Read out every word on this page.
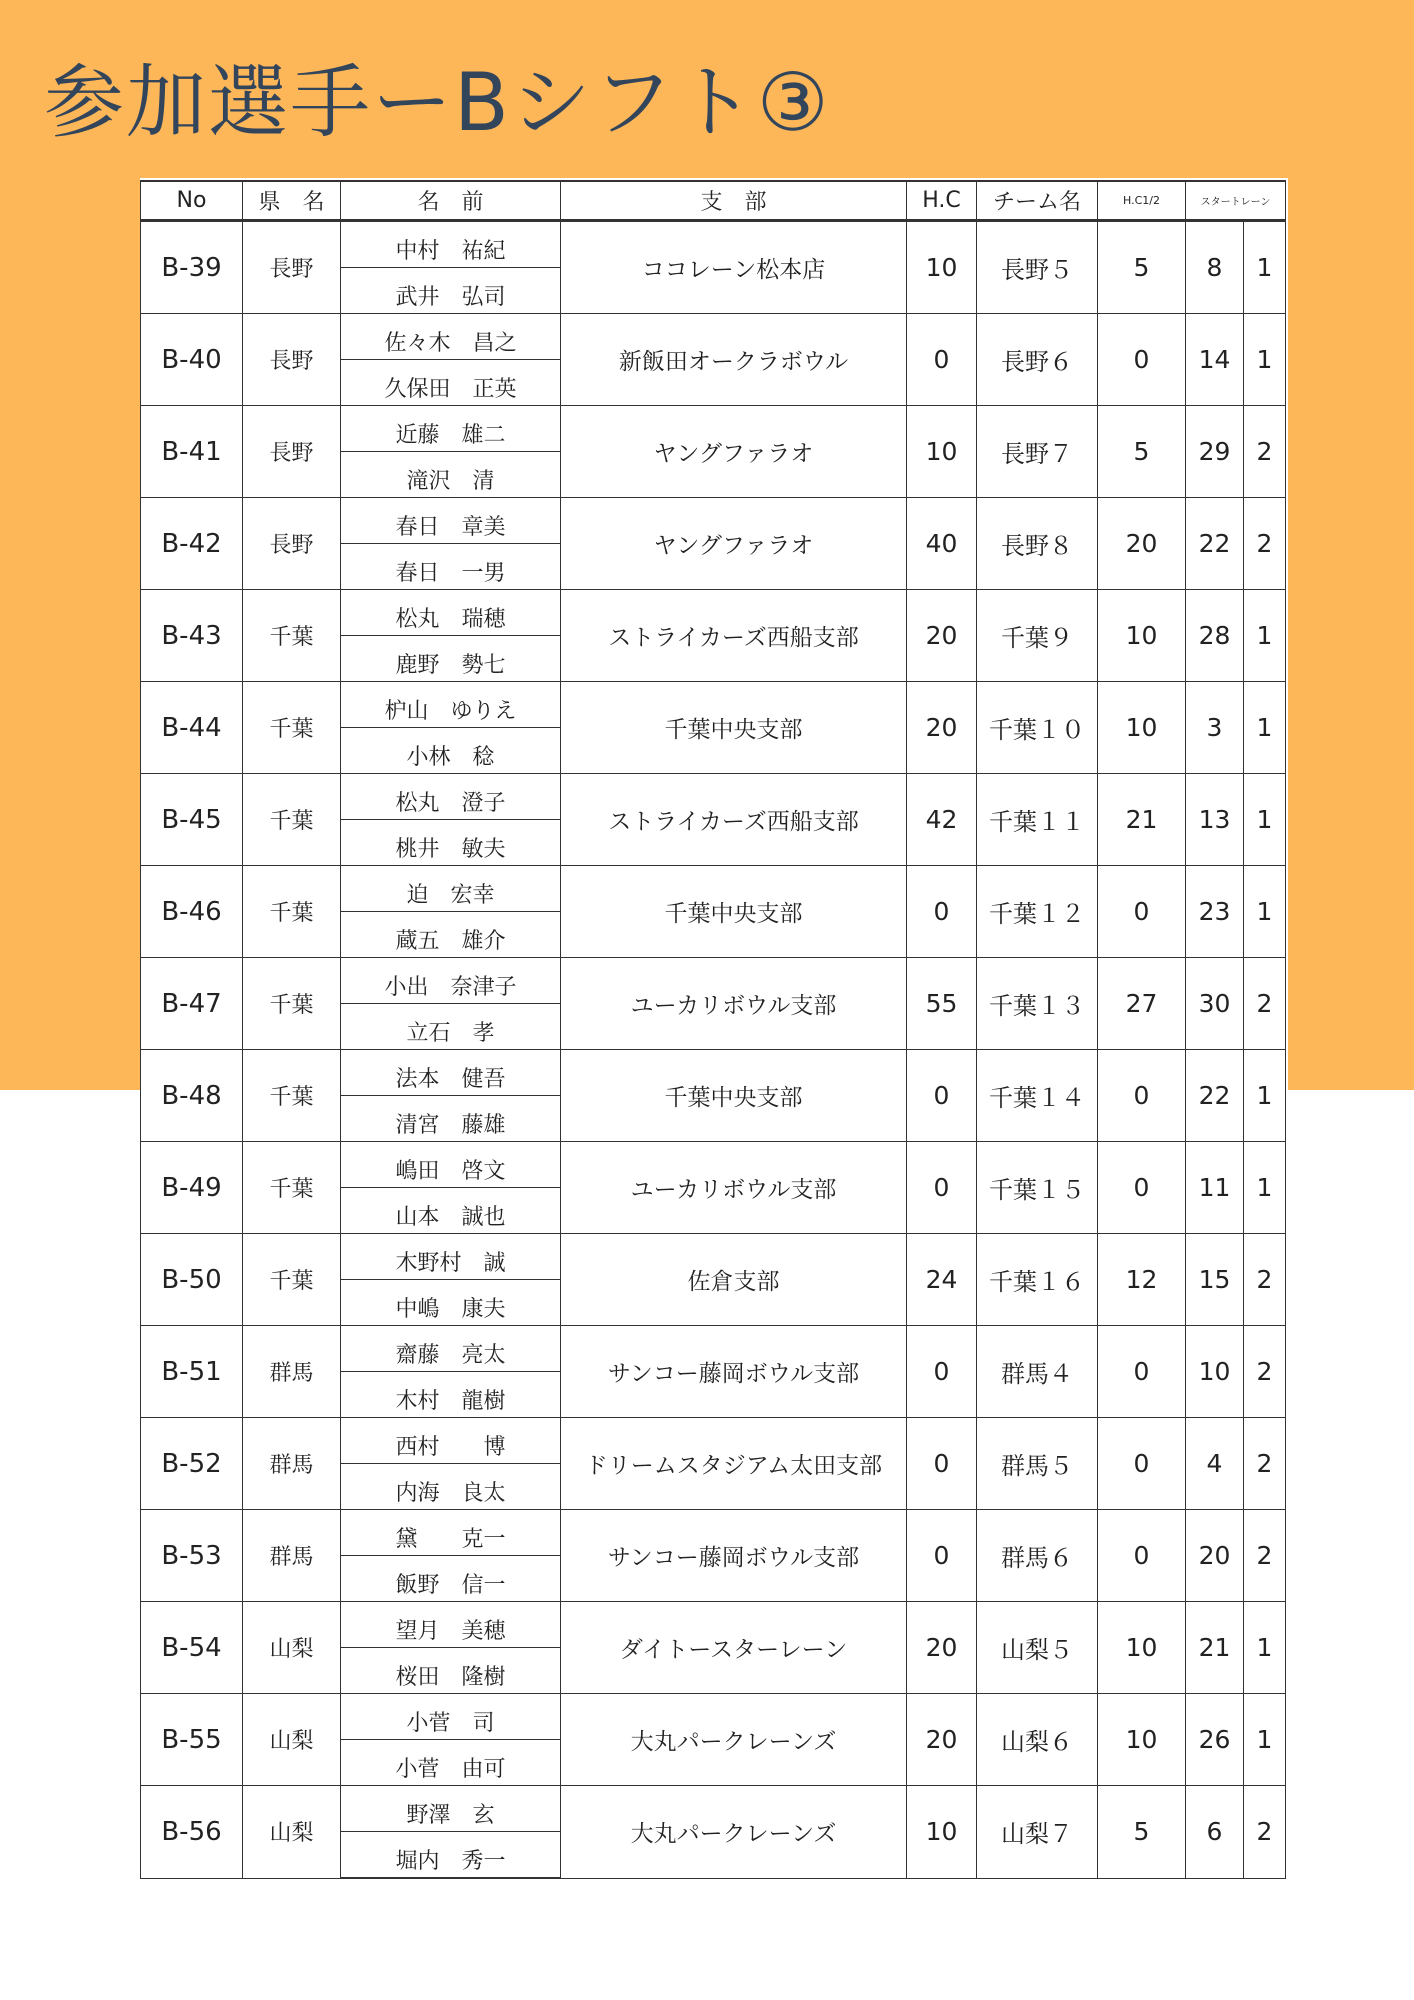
参加選手ーBシフト③
No	県　名	名　前	支　部	H.C	チーム名	H.C1/2	スタートレーン	
B-39	長野	中村　祐紀	ココレーン松本店	10	長野５	5	8	1
		武井　弘司						
B-40	長野	佐々木　昌之	新飯田オークラボウル	0	長野６	0	14	1
		久保田　正英						
B-41	長野	近藤　雄二	ヤングファラオ	10	長野７	5	29	2
		滝沢　清						
B-42	長野	春日　章美	ヤングファラオ	40	長野８	20	22	2
		春日　一男						
B-43	千葉	松丸　瑞穂	ストライカーズ西船支部	20	千葉９	10	28	1
		鹿野　勢七						
B-44	千葉	枦山　ゆりえ	千葉中央支部	20	千葉１０	10	3	1
		小林　稔						
B-45	千葉	松丸　澄子	ストライカーズ西船支部	42	千葉１１	21	13	1
		桃井　敏夫						
B-46	千葉	迫　宏幸	千葉中央支部	0	千葉１２	0	23	1
		蔵五　雄介						
B-47	千葉	小出　奈津子	ユーカリボウル支部	55	千葉１３	27	30	2
		立石　孝						
B-48	千葉	法本　健吾	千葉中央支部	0	千葉１４	0	22	1
		清宮　藤雄						
B-49	千葉	嶋田　啓文	ユーカリボウル支部	0	千葉１５	0	11	1
		山本　誠也						
B-50	千葉	木野村　誠	佐倉支部	24	千葉１６	12	15	2
		中嶋　康夫						
B-51	群馬	齋藤　亮太	サンコー藤岡ボウル支部	0	群馬４	0	10	2
		木村　龍樹						
B-52	群馬	西村　　博	ドリームスタジアム太田支部	0	群馬５	0	4	2
		内海　良太						
B-53	群馬	黛　　克一	サンコー藤岡ボウル支部	0	群馬６	0	20	2
		飯野　信一						
B-54	山梨	望月　美穂	ダイトースターレーン	20	山梨５	10	21	1
		桜田　隆樹						
B-55	山梨	小菅　司	大丸パークレーンズ	20	山梨６	10	26	1
		小菅　由可						
B-56	山梨	野澤　玄	大丸パークレーンズ	10	山梨７	5	6	2
		堀内　秀一						
